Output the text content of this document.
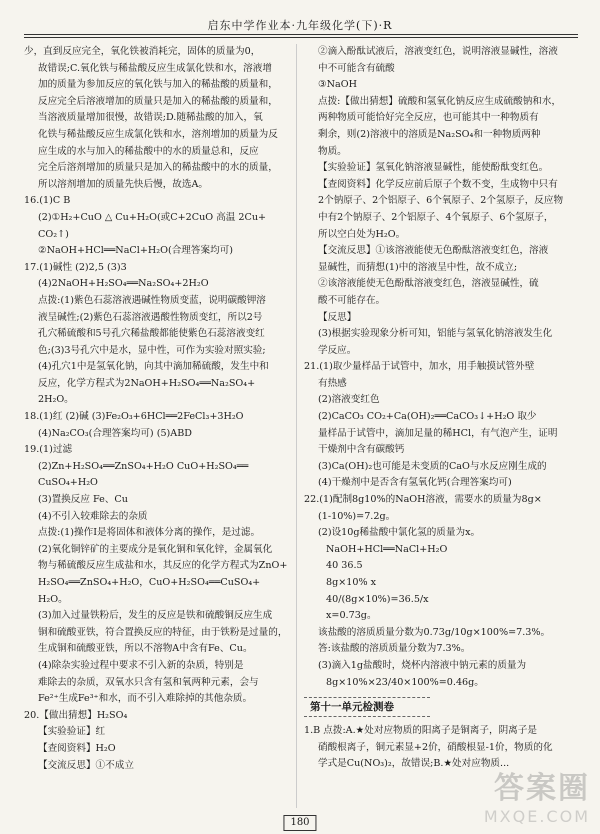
启东中学作业本·九年级化学(下)·R
少，直到反应完全，氧化铁被消耗完，固体的质量为0，
故错误;C.氧化铁与稀盐酸反应生成氯化铁和水，溶液增
加的质量为参加反应的氧化铁与加入的稀盐酸的质量和，
反应完全后溶液增加的质量只是加入的稀盐酸的质量和，
当溶液质量增加很慢，故错误;D.随稀盐酸的加入，氧
化铁与稀盐酸反应生成氯化铁和水，溶剂增加的质量为反
应生成的水与加入的稀盐酸中的水的质量总和，反应
完全后溶剂增加的质量只是加入的稀盐酸中的水的质量，
所以溶剂增加的质量先快后慢，故选A。
16.(1)C B
(2)①H₂+CuO △ Cu+H₂O(或C+2CuO 高温 2Cu+
CO₂↑)
②NaOH+HCl══NaCl+H₂O(合理答案均可)
17.(1)碱性 (2)2,5 (3)3
(4)2NaOH+H₂SO₄══Na₂SO₄+2H₂O
点拨:(1)紫色石蕊溶液遇碱性物质变蓝，说明碳酸钾溶
液呈碱性;(2)紫色石蕊溶液遇酸性物质变红，所以2号
孔穴稀硫酸和5号孔穴稀盐酸都能使紫色石蕊溶液变红
色;(3)3号孔穴中是水，显中性，可作为实验对照实验;
(4)孔穴1中是氢氧化钠，向其中滴加稀硫酸，发生中和
反应，化学方程式为2NaOH+H₂SO₄══Na₂SO₄+
2H₂O。
18.(1)红 (2)碱 (3)Fe₂O₃+6HCl══2FeCl₃+3H₂O
(4)Na₂CO₃(合理答案均可) (5)ABD
19.(1)过滤
(2)Zn+H₂SO₄══ZnSO₄+H₂O CuO+H₂SO₄══
CuSO₄+H₂O
(3)置换反应 Fe、Cu
(4)不引入较难除去的杂质
点拨:(1)操作Ⅰ是将固体和液体分离的操作，是过滤。
(2)氧化铜锌矿的主要成分是氧化铜和氧化锌，金属氧化
物与稀硫酸反应生成盐和水，其反应的化学方程式为ZnO+
H₂SO₄══ZnSO₄+H₂O，CuO+H₂SO₄══CuSO₄+
H₂O。
(3)加入过量铁粉后，发生的反应是铁和硫酸铜反应生成
铜和硫酸亚铁，符合置换反应的特征，由于铁粉是过量的，
生成铜和硫酸亚铁，所以不溶物A中含有Fe、Cu。
(4)除杂实验过程中要求不引入新的杂质，特别是
难除去的杂质，双氧水只含有氢和氧两种元素，会与
Fe²⁺生成Fe³⁺和水，而不引入难除掉的其他杂质。
20.【做出猜想】H₂SO₄
【实验验证】红
【查阅资料】H₂O
【交流反思】①不成立
②滴入酚酞试液后，溶液变红色，说明溶液显碱性，溶液
中不可能含有硫酸
③NaOH
点拨:【做出猜想】硫酸和氢氧化钠反应生成硫酸钠和水，
两种物质可能恰好完全反应，也可能其中一种物质有
剩余，则(2)溶液中的溶质是Na₂SO₄和一种物质两种
物质。
【实验验证】氢氧化钠溶液显碱性，能使酚酞变红色。
【查阅资料】化学反应前后原子个数不变，生成物中只有
2个钠原子、2个铝原子、6个氧原子、2个氢原子，反应物
中有2个钠原子、2个铝原子、4个氧原子、6个氢原子，
所以空白处为H₂O。
【交流反思】①该溶液能使无色酚酞溶液变红色，溶液
显碱性，而猜想(1)中的溶液呈中性，故不成立;
②该溶液能使无色酚酞溶液变红色，溶液显碱性，硫
酸不可能存在。
【反思】
(3)根据实验现象分析可知，铝能与氢氧化钠溶液发生化
学反应。
21.(1)取少量样品于试管中，加水，用手触摸试管外壁
有热感
(2)溶液变红色
(2)CaCO₃ CO₂+Ca(OH)₂══CaCO₃↓+H₂O 取少
量样品于试管中，滴加足量的稀HCl，有气泡产生，证明
干燥剂中含有碳酸钙
(3)Ca(OH)₂也可能是未变质的CaO与水反应刚生成的
(4)干燥剂中是否含有氢氧化钙(合理答案均可)
22.(1)配制8g10%的NaOH溶液，需要水的质量为8g×
(1-10%)=7.2g。
(2)设10g稀盐酸中氯化氢的质量为x。
NaOH+HCl══NaCl+H₂O
40 36.5
8g×10% x
40/(8g×10%)=36.5/x
x=0.73g。
该盐酸的溶质质量分数为0.73g/10g×100%=7.3%。
答:该盐酸的溶质质量分数为7.3%。
(3)滴入1g盐酸时，烧杯内溶液中钠元素的质量为
8g×10%×23/40×100%=0.46g。
第十一单元检测卷
1.B 点拨:A.★处对应物质的阳离子是铜离子，阴离子是
硝酸根离子，铜元素显+2价，硝酸根显-1价，物质的化
学式是Cu(NO₃)₂，故错误;B.★处对应物质...
180
答案圈
MXQE.COM
